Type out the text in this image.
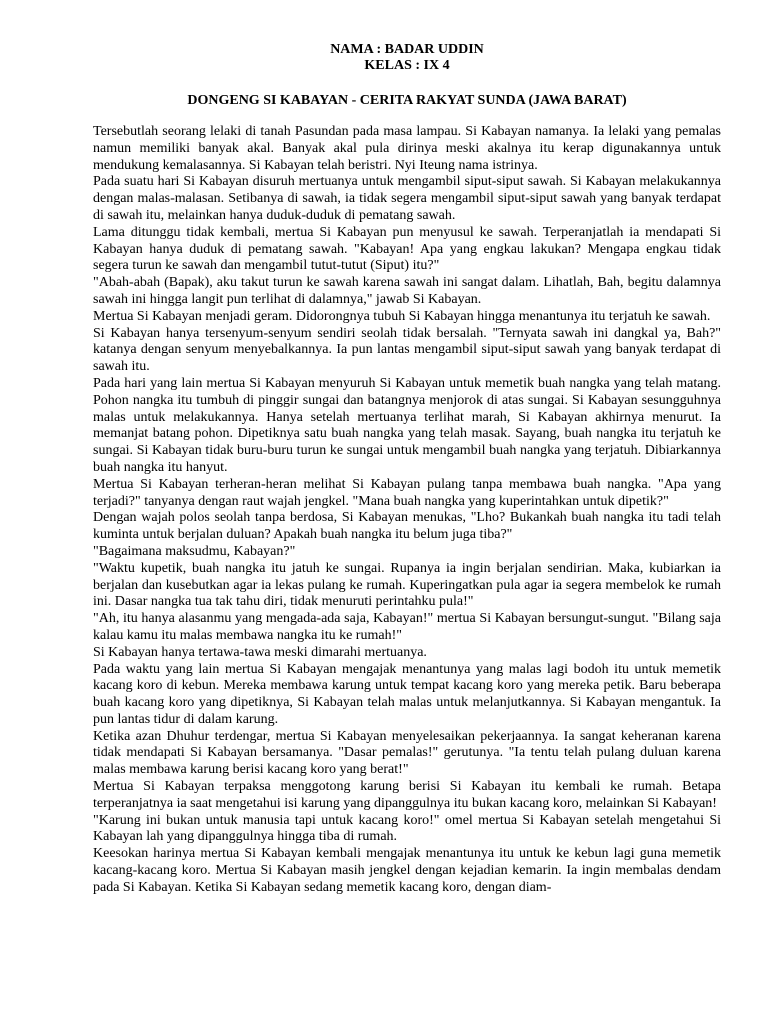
NAMA : BADAR UDDIN
KELAS : IX 4
DONGENG SI KABAYAN - CERITA RAKYAT SUNDA (JAWA BARAT)

Tersebutlah seorang lelaki di tanah Pasundan pada masa lampau. Si Kabayan namanya. Ia lelaki yang pemalas namun memiliki banyak akal. Banyak akal pula dirinya meski akalnya itu kerap digunakannya untuk mendukung kemalasannya. Si Kabayan telah beristri. Nyi Iteung nama istrinya.

Pada suatu hari Si Kabayan disuruh mertuanya untuk mengambil siput-siput sawah. Si Kabayan melakukannya dengan malas-malasan. Setibanya di sawah, ia tidak segera mengambil siput-siput sawah yang banyak terdapat di sawah itu, melainkan hanya duduk-duduk di pematang sawah.

Lama ditunggu tidak kembali, mertua Si Kabayan pun menyusul ke sawah. Terperanjatlah ia mendapati Si Kabayan hanya duduk di pematang sawah. "Kabayan! Apa yang engkau lakukan? Mengapa engkau tidak segera turun ke sawah dan mengambil tutut-tutut (Siput) itu?"

"Abah-abah (Bapak), aku takut turun ke sawah karena sawah ini sangat dalam. Lihatlah, Bah, begitu dalamnya sawah ini hingga langit pun terlihat di dalamnya," jawab Si Kabayan.

Mertua Si Kabayan menjadi geram. Didorongnya tubuh Si Kabayan hingga menantunya itu terjatuh ke sawah.

Si Kabayan hanya tersenyum-senyum sendiri seolah tidak bersalah. "Ternyata sawah ini dangkal ya, Bah?" katanya dengan senyum menyebalkannya. Ia pun lantas mengambil siput-siput sawah yang banyak terdapat di sawah itu.

Pada hari yang lain mertua Si Kabayan menyuruh Si Kabayan untuk memetik buah nangka yang telah matang. Pohon nangka itu tumbuh di pinggir sungai dan batangnya menjorok di atas sungai. Si Kabayan sesungguhnya malas untuk melakukannya. Hanya setelah mertuanya terlihat marah, Si Kabayan akhirnya menurut. Ia memanjat batang pohon. Dipetiknya satu buah nangka yang telah masak. Sayang, buah nangka itu terjatuh ke sungai. Si Kabayan tidak buru-buru turun ke sungai untuk mengambil buah nangka yang terjatuh. Dibiarkannya buah nangka itu hanyut.

Mertua Si Kabayan terheran-heran melihat Si Kabayan pulang tanpa membawa buah nangka. "Apa yang terjadi?" tanyanya dengan raut wajah jengkel. "Mana buah nangka yang kuperintahkan untuk dipetik?"

Dengan wajah polos seolah tanpa berdosa, Si Kabayan menukas, "Lho? Bukankah buah nangka itu tadi telah kuminta untuk berjalan duluan? Apakah buah nangka itu belum juga tiba?"

"Bagaimana maksudmu, Kabayan?"

"Waktu kupetik, buah nangka itu jatuh ke sungai. Rupanya ia ingin berjalan sendirian. Maka, kubiarkan ia berjalan dan kusebutkan agar ia lekas pulang ke rumah. Kuperingatkan pula agar ia segera membelok ke rumah ini. Dasar nangka tua tak tahu diri, tidak menuruti perintahku pula!"

"Ah, itu hanya alasanmu yang mengada-ada saja, Kabayan!" mertua Si Kabayan bersungut-sungut. "Bilang saja kalau kamu itu malas membawa nangka itu ke rumah!"

Si Kabayan hanya tertawa-tawa meski dimarahi mertuanya.

Pada waktu yang lain mertua Si Kabayan mengajak menantunya yang malas lagi bodoh itu untuk memetik kacang koro di kebun. Mereka membawa karung untuk tempat kacang koro yang mereka petik. Baru beberapa buah kacang koro yang dipetiknya, Si Kabayan telah malas untuk melanjutkannya. Si Kabayan mengantuk. Ia pun lantas tidur di dalam karung.

Ketika azan Dhuhur terdengar, mertua Si Kabayan menyelesaikan pekerjaannya. Ia sangat keheranan karena tidak mendapati Si Kabayan bersamanya. "Dasar pemalas!" gerutunya. "Ia tentu telah pulang duluan karena malas membawa karung berisi kacang koro yang berat!"

Mertua Si Kabayan terpaksa menggotong karung berisi Si Kabayan itu kembali ke rumah. Betapa terperanjatnya ia saat mengetahui isi karung yang dipanggulnya itu bukan kacang koro, melainkan Si Kabayan!

"Karung ini bukan untuk manusia tapi untuk kacang koro!" omel mertua Si Kabayan setelah mengetahui Si Kabayan lah yang dipanggulnya hingga tiba di rumah.

Keesokan harinya mertua Si Kabayan kembali mengajak menantunya itu untuk ke kebun lagi guna memetik kacang-kacang koro. Mertua Si Kabayan masih jengkel dengan kejadian kemarin. Ia ingin membalas dendam pada Si Kabayan. Ketika Si Kabayan sedang memetik kacang koro, dengan diam-
